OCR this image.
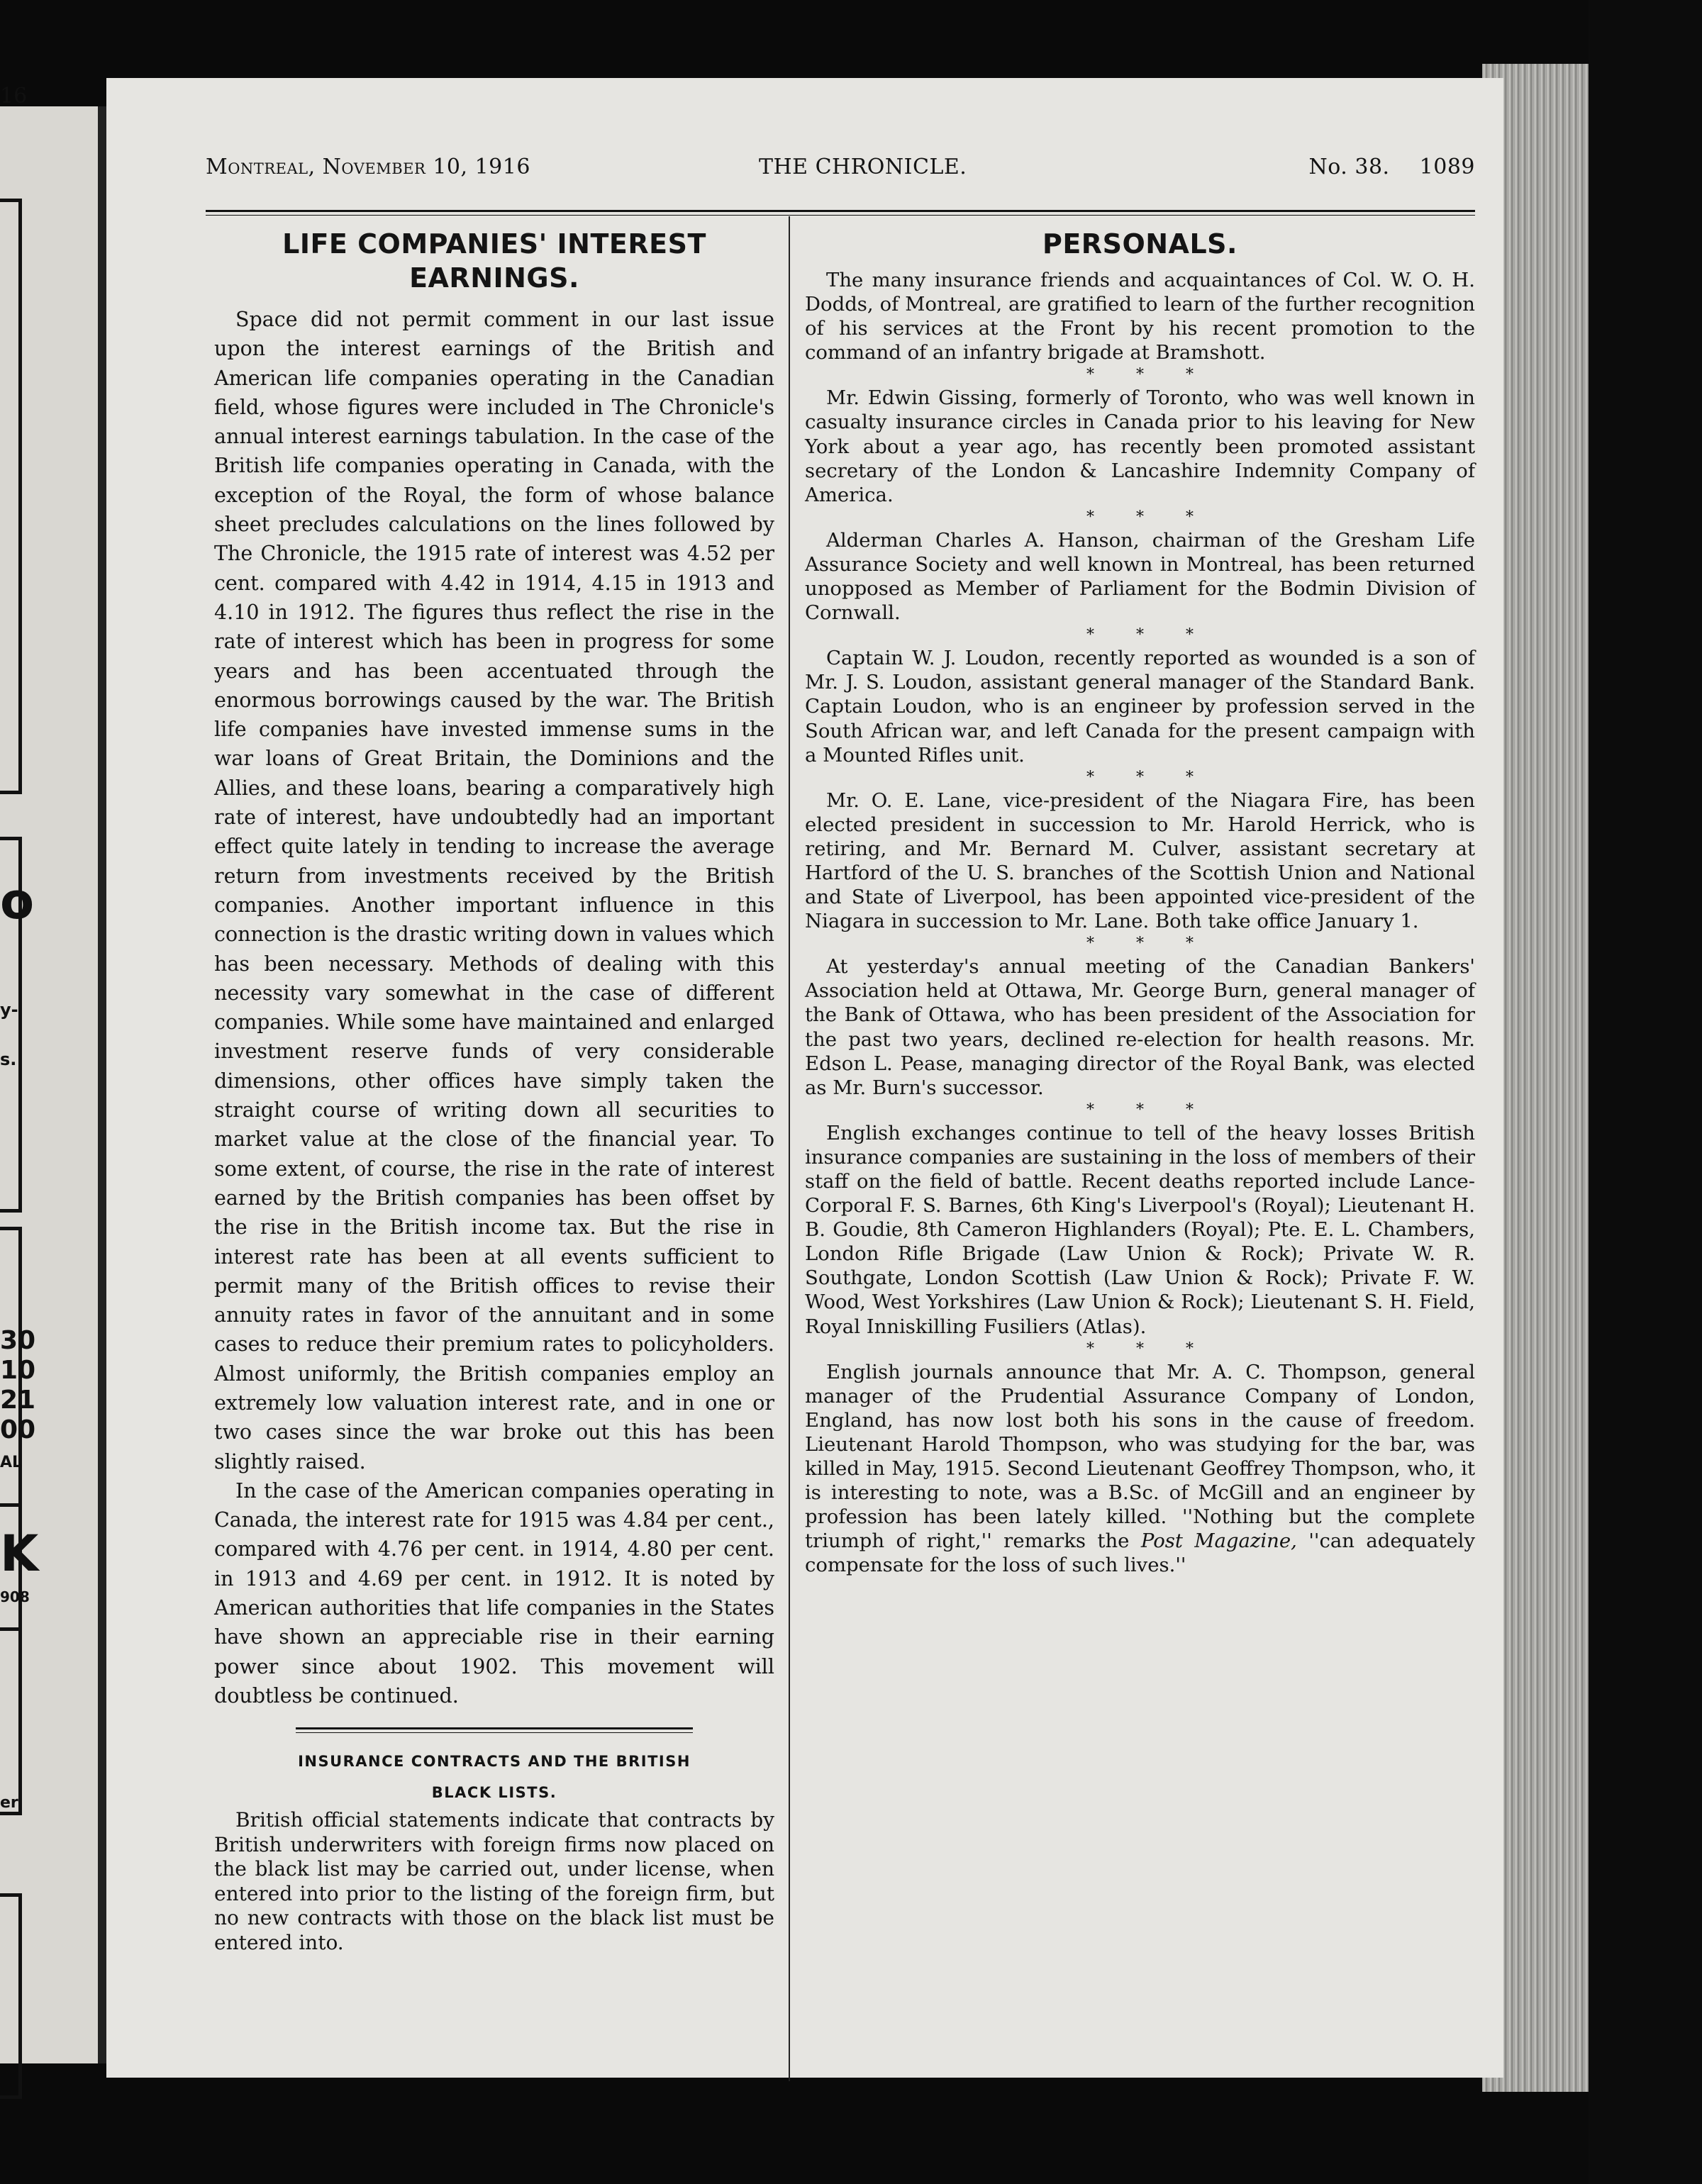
16
o
y-
s.
30
10
21
00
AL
K
908
er
Montreal, November 10, 1916	THE CHRONICLE.	No. 38. 1089
LIFE COMPANIES' INTEREST
EARNINGS.

Space did not permit comment in our last issue upon the interest earnings of the British and American life companies operating in the Canadian field, whose figures were included in The Chronicle's annual interest earnings tabulation. In the case of the British life companies operating in Canada, with the exception of the Royal, the form of whose balance sheet precludes calculations on the lines followed by The Chronicle, the 1915 rate of interest was 4.52 per cent. compared with 4.42 in 1914, 4.15 in 1913 and 4.10 in 1912. The figures thus reflect the rise in the rate of interest which has been in progress for some years and has been accentuated through the enormous borrowings caused by the war. The British life companies have invested immense sums in the war loans of Great Britain, the Dominions and the Allies, and these loans, bearing a comparatively high rate of interest, have undoubtedly had an important effect quite lately in tending to increase the average return from investments received by the British companies. Another important influence in this connection is the drastic writing down in values which has been necessary. Methods of dealing with this necessity vary somewhat in the case of different companies. While some have maintained and enlarged investment reserve funds of very considerable dimensions, other offices have simply taken the straight course of writing down all securities to market value at the close of the financial year. To some extent, of course, the rise in the rate of interest earned by the British companies has been offset by the rise in the British income tax. But the rise in interest rate has been at all events sufficient to permit many of the British offices to revise their annuity rates in favor of the annuitant and in some cases to reduce their premium rates to policyholders. Almost uniformly, the British companies employ an extremely low valuation interest rate, and in one or two cases since the war broke out this has been slightly raised.

In the case of the American companies operating in Canada, the interest rate for 1915 was 4.84 per cent., compared with 4.76 per cent. in 1914, 4.80 per cent. in 1913 and 4.69 per cent. in 1912. It is noted by American authorities that life companies in the States have shown an appreciable rise in their earning power since about 1902. This movement will doubtless be continued.

INSURANCE CONTRACTS AND THE BRITISH
BLACK LISTS.

British official statements indicate that contracts by British underwriters with foreign firms now placed on the black list may be carried out, under license, when entered into prior to the listing of the foreign firm, but no new contracts with those on the black list must be entered into.

PERSONALS.

The many insurance friends and acquaintances of Col. W. O. H. Dodds, of Montreal, are gratified to learn of the further recognition of his services at the Front by his recent promotion to the command of an infantry brigade at Bramshott.

* * *

Mr. Edwin Gissing, formerly of Toronto, who was well known in casualty insurance circles in Canada prior to his leaving for New York about a year ago, has recently been promoted assistant secretary of the London & Lancashire Indemnity Company of America.

* * *

Alderman Charles A. Hanson, chairman of the Gresham Life Assurance Society and well known in Montreal, has been returned unopposed as Member of Parliament for the Bodmin Division of Cornwall.

* * *

Captain W. J. Loudon, recently reported as wounded is a son of Mr. J. S. Loudon, assistant general manager of the Standard Bank. Captain Loudon, who is an engineer by profession served in the South African war, and left Canada for the present campaign with a Mounted Rifles unit.

* * *

Mr. O. E. Lane, vice-president of the Niagara Fire, has been elected president in succession to Mr. Harold Herrick, who is retiring, and Mr. Bernard M. Culver, assistant secretary at Hartford of the U. S. branches of the Scottish Union and National and State of Liverpool, has been appointed vice-president of the Niagara in succession to Mr. Lane. Both take office January 1.

* * *

At yesterday's annual meeting of the Canadian Bankers' Association held at Ottawa, Mr. George Burn, general manager of the Bank of Ottawa, who has been president of the Association for the past two years, declined re-election for health reasons. Mr. Edson L. Pease, managing director of the Royal Bank, was elected as Mr. Burn's successor.

* * *

English exchanges continue to tell of the heavy losses British insurance companies are sustaining in the loss of members of their staff on the field of battle. Recent deaths reported include Lance-Corporal F. S. Barnes, 6th King's Liverpool's (Royal); Lieutenant H. B. Goudie, 8th Cameron Highlanders (Royal); Pte. E. L. Chambers, London Rifle Brigade (Law Union & Rock); Private W. R. Southgate, London Scottish (Law Union & Rock); Private F. W. Wood, West Yorkshires (Law Union & Rock); Lieutenant S. H. Field, Royal Inniskilling Fusiliers (Atlas).

* * *

English journals announce that Mr. A. C. Thompson, general manager of the Prudential Assurance Company of London, England, has now lost both his sons in the cause of freedom. Lieutenant Harold Thompson, who was studying for the bar, was killed in May, 1915. Second Lieutenant Geoffrey Thompson, who, it is interesting to note, was a B.Sc. of McGill and an engineer by profession has been lately killed. ''Nothing but the complete triumph of right,'' remarks the Post Magazine, ''can adequately compensate for the loss of such lives.''
